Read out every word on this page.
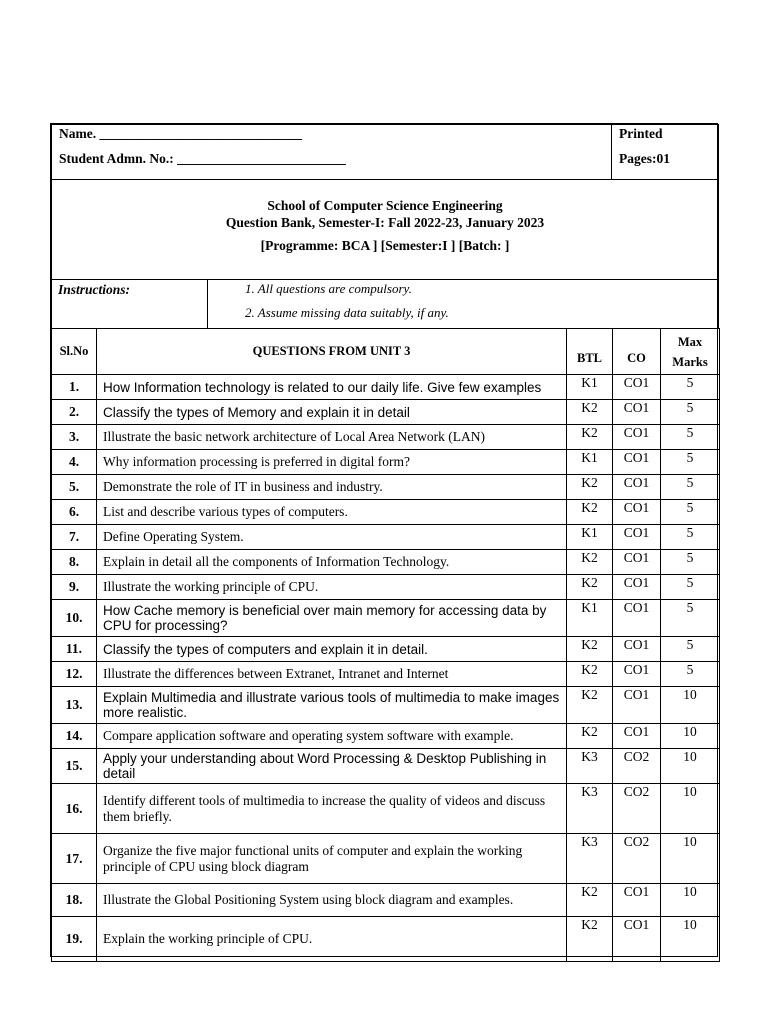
Name. ______________________________
Student Admn. No.: _________________________
Printed
Pages:01
School of Computer Science Engineering
Question Bank, Semester-I: Fall 2022-23, January 2023
[Programme: BCA ] [Semester:I ] [Batch: ]
Instructions:	1. All questions are compulsory.
2. Assume missing data suitably, if any.
Sl.No	QUESTIONS FROM UNIT 3	BTL	CO	Max
Marks

1.	How Information technology is related to our daily life. Give few examples	K1	CO1	5
2.	Classify the types of Memory and explain it in detail	K2	CO1	5
3.	Illustrate the basic network architecture of Local Area Network (LAN)	K2	CO1	5
4.	Why information processing is preferred in digital form?	K1	CO1	5
5.	Demonstrate the role of IT in business and industry.	K2	CO1	5
6.	List and describe various types of computers.	K2	CO1	5
7.	Define Operating System.	K1	CO1	5
8.	Explain in detail all the components of Information Technology.	K2	CO1	5
9.	Illustrate the working principle of CPU.	K2	CO1	5
10.	How Cache memory is beneficial over main memory for accessing data by CPU for processing?	K1	CO1	5
11.	Classify the types of computers and explain it in detail.	K2	CO1	5
12.	Illustrate the differences between Extranet, Intranet and Internet	K2	CO1	5
13.	Explain Multimedia and illustrate various tools of multimedia to make images more realistic.	K2	CO1	10
14.	Compare application software and operating system software with example.	K2	CO1	10
15.	Apply your understanding about Word Processing & Desktop Publishing in detail	K3	CO2	10
16.	Identify different tools of multimedia to increase the quality of videos and discuss them briefly.	K3	CO2	10
17.	Organize the five major functional units of computer and explain the working principle of CPU using block diagram	K3	CO2	10
18.	Illustrate the Global Positioning System using block diagram and examples.	K2	CO1	10
19.	Explain the working principle of CPU.	K2	CO1	10
